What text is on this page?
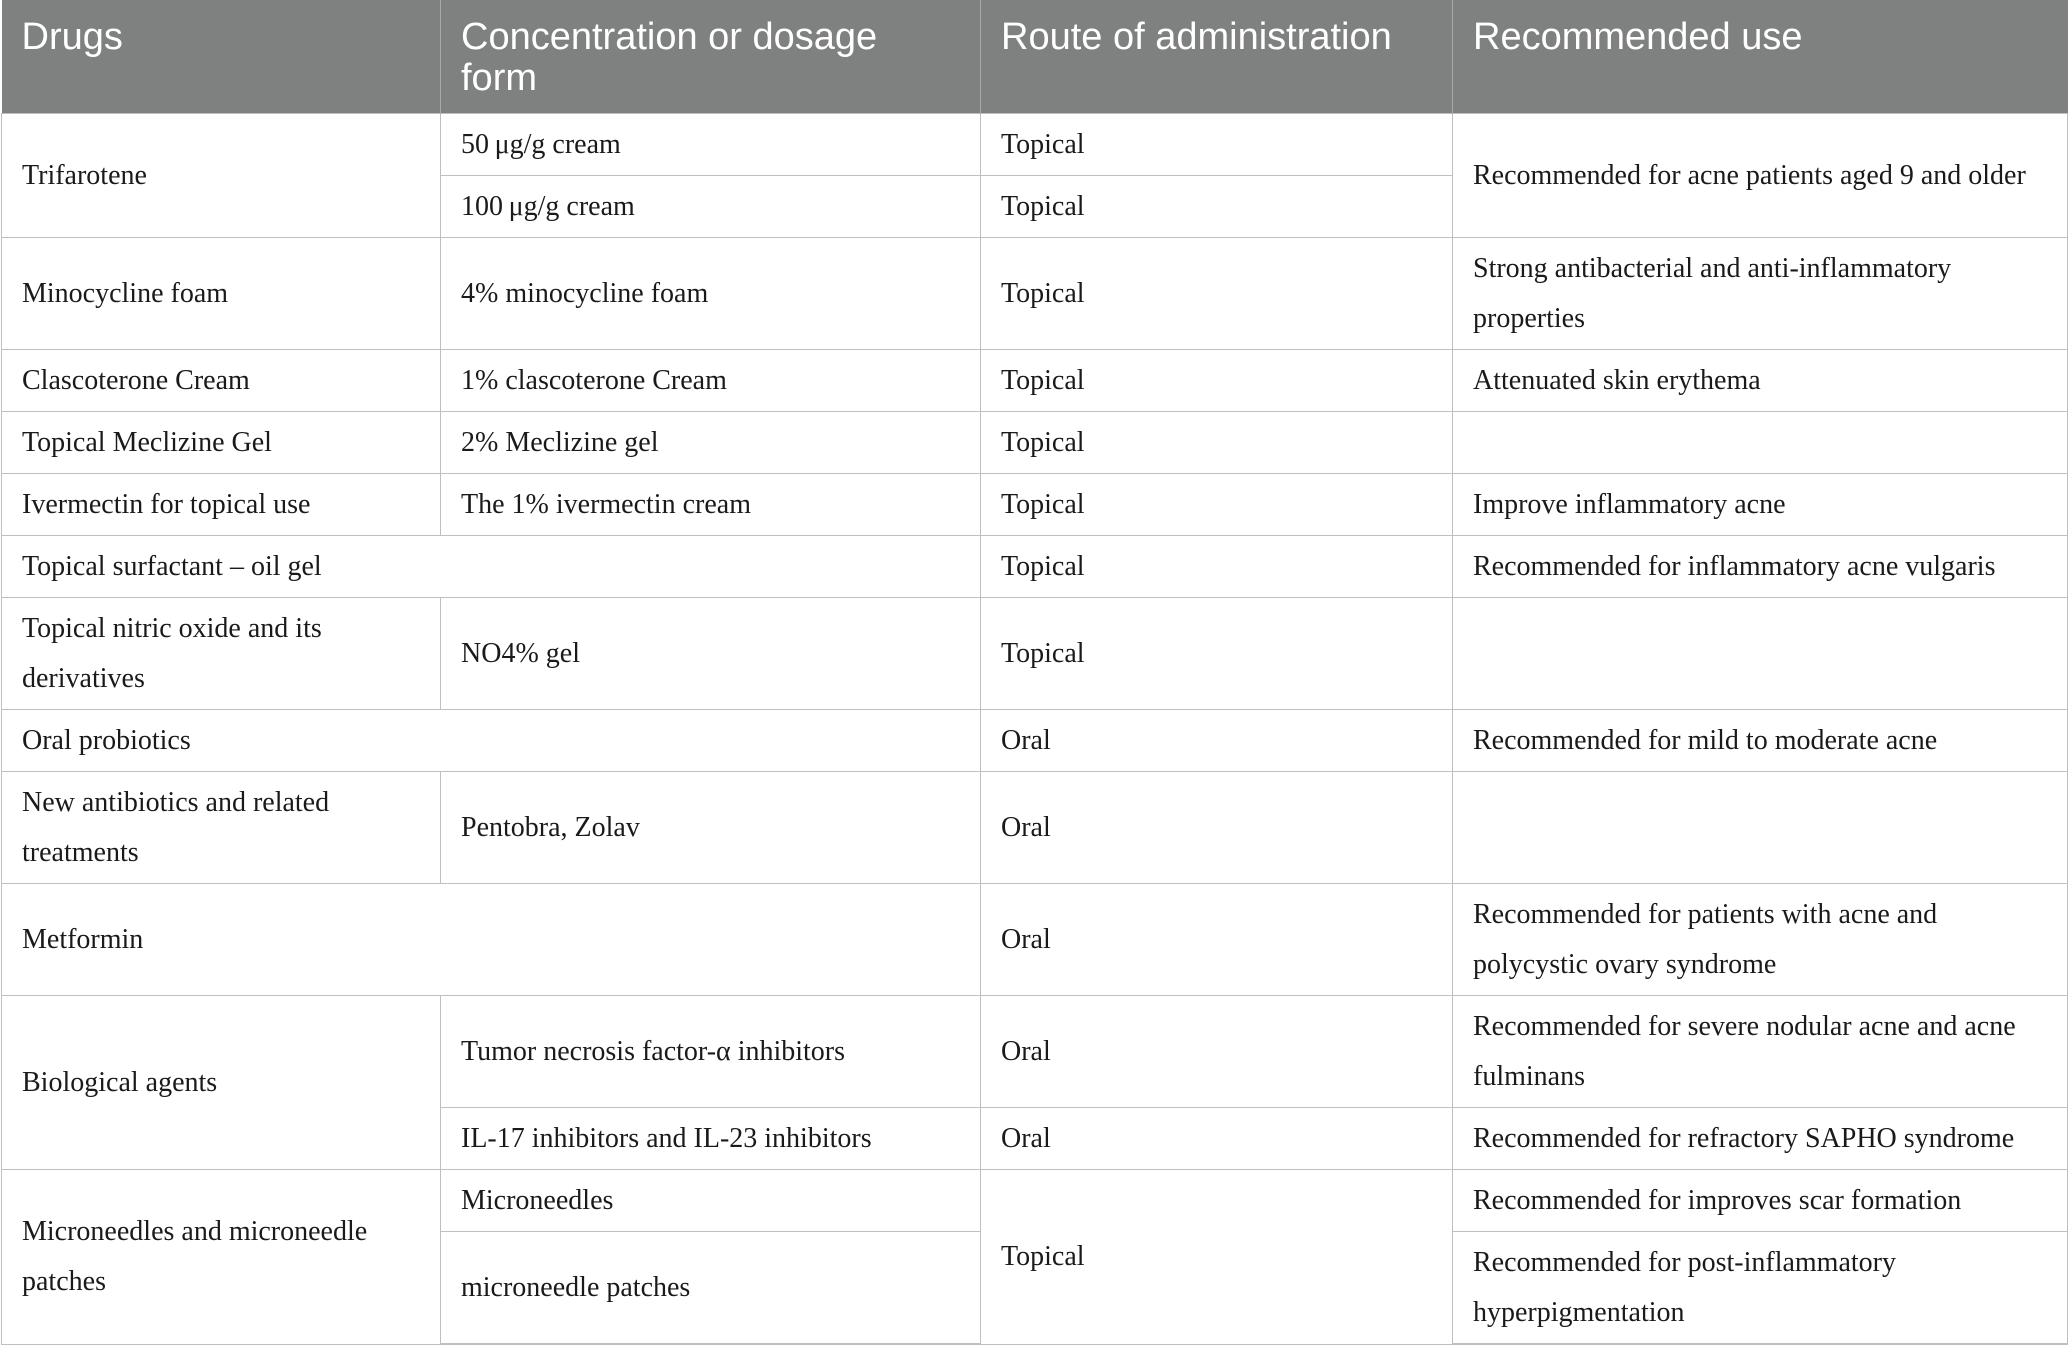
Drugs	Concentration or dosage form	Route of administration	Recommended use
Trifarotene	50 μg/g cream	Topical	Recommended for acne patients aged 9 and older
	100 μg/g cream	Topical	
Minocycline foam	4% minocycline foam	Topical	Strong antibacterial and anti-inflammatory properties
Clascoterone Cream	1% clascoterone Cream	Topical	Attenuated skin erythema
Topical Meclizine Gel	2% Meclizine gel	Topical	
Ivermectin for topical use	The 1% ivermectin cream	Topical	Improve inflammatory acne
Topical surfactant – oil gel		Topical	Recommended for inflammatory acne vulgaris
Topical nitric oxide and its derivatives	NO4% gel	Topical	
Oral probiotics		Oral	Recommended for mild to moderate acne
New antibiotics and related treatments	Pentobra, Zolav	Oral	
Metformin		Oral	Recommended for patients with acne and polycystic ovary syndrome
Biological agents	Tumor necrosis factor-α inhibitors	Oral	Recommended for severe nodular acne and acne fulminans
	IL-17 inhibitors and IL-23 inhibitors	Oral	Recommended for refractory SAPHO syndrome
Microneedles and microneedle patches	Microneedles	Topical	Recommended for improves scar formation
	microneedle patches		Recommended for post-inflammatory hyperpigmentation
